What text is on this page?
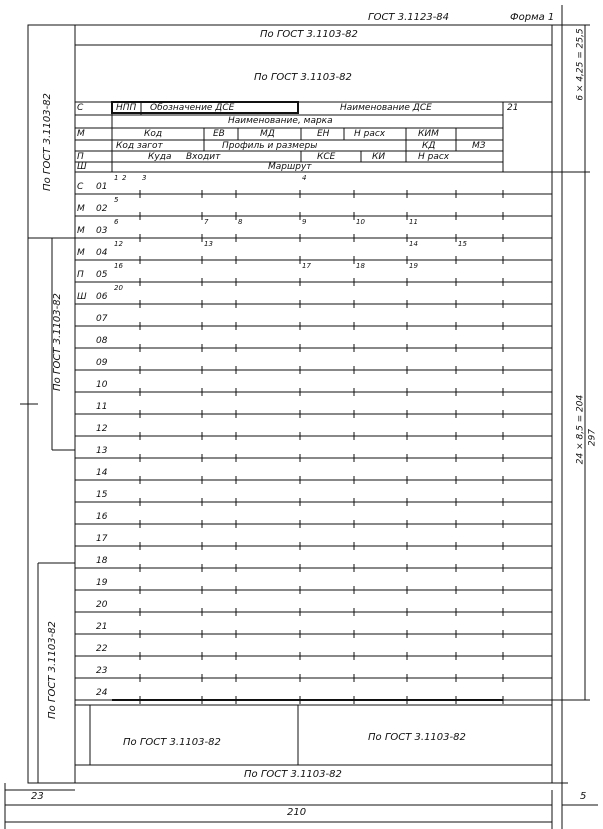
ГОСТ 3.1123-84	Форма 1
По ГОСТ 3.1103-82
По ГОСТ 3.1103-82
С	НПП Обозначение ДСЕ	Наименование ДСЕ	21
Наименование, марка
М	Код	ЕВ	МД	ЕН	Н расх	КИМ
Код загот	Профиль и размеры	КД	МЗ
П	Куда Входит	КСЕ	КИ	Н расх
Ш	Маршрут
С 01
1 2 3	4
М 02
5
М 03
6	7	8	9	10	11
М 04
12	13	14	15
П 05
16	17	18	19
Ш 06
20
07
08
09
10
11
12
13
14
15
16
17
18
19
20
21
22
23
24
По ГОСТ 3.1103-82
По ГОСТ 3.1103-82
По ГОСТ 3.1103-82
По ГОСТ 3.1103-82	По ГОСТ 3.1103-82
По ГОСТ 3.1103-82
6 × 4,25 = 25,5
24 × 8,5 = 204 297
23
210
5
